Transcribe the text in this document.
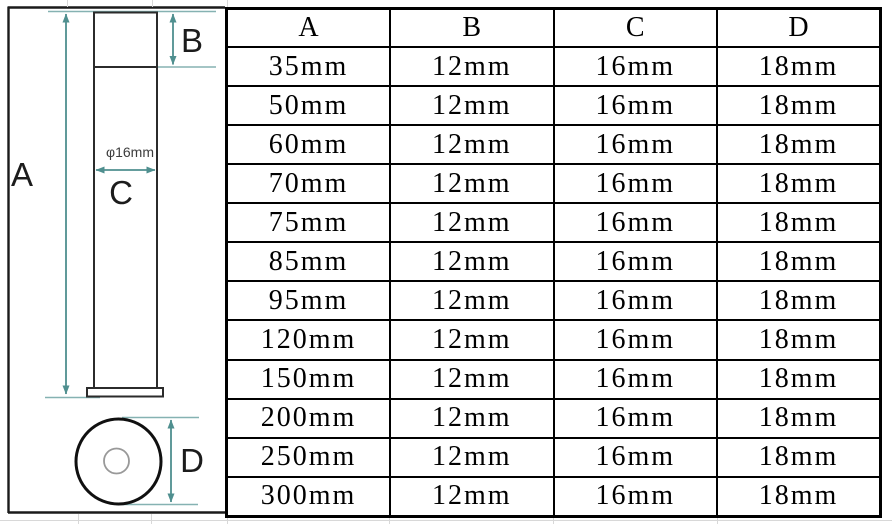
A
B
C
D
φ16mm
A	B	C	D
35mm	12mm	16mm	18mm
50mm	12mm	16mm	18mm
60mm	12mm	16mm	18mm
70mm	12mm	16mm	18mm
75mm	12mm	16mm	18mm
85mm	12mm	16mm	18mm
95mm	12mm	16mm	18mm
120mm	12mm	16mm	18mm
150mm	12mm	16mm	18mm
200mm	12mm	16mm	18mm
250mm	12mm	16mm	18mm
300mm	12mm	16mm	18mm
